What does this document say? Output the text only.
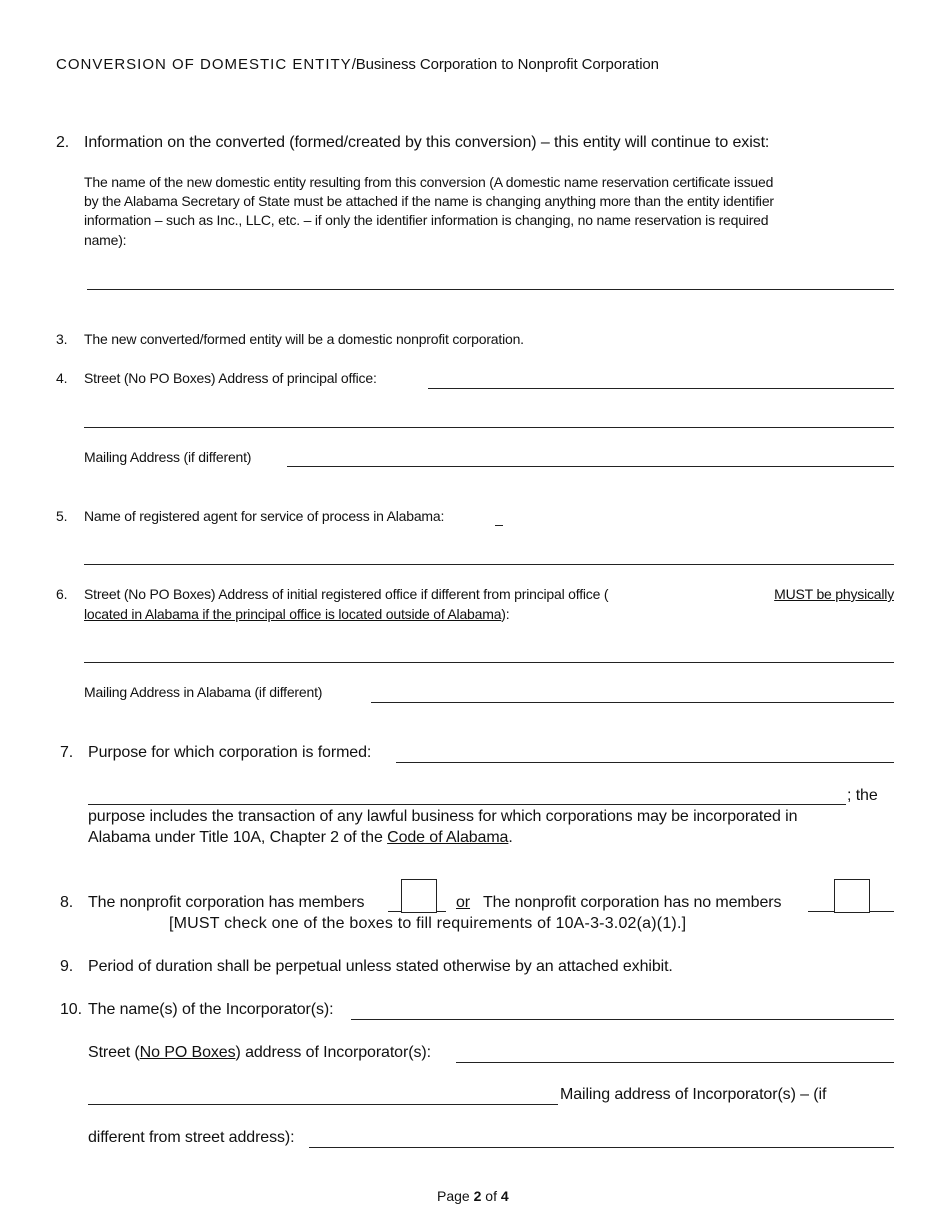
CONVERSION OF DOMESTIC ENTITY/Business Corporation to Nonprofit Corporation
2. Information on the converted (formed/created by this conversion) – this entity will continue to exist:
The name of the new domestic entity resulting from this conversion (A domestic name reservation certificate issued
by the Alabama Secretary of State must be attached if the name is changing anything more than the entity identifier
information – such as Inc., LLC, etc. – if only the identifier information is changing, no name reservation is required
name):
3. The new converted/formed entity will be a domestic nonprofit corporation.
4. Street (No PO Boxes) Address of principal office:
Mailing Address (if different)
5. Name of registered agent for service of process in Alabama:
6. Street (No PO Boxes) Address of initial registered office if different from principal office (	MUST be physically
located in Alabama if the principal office is located outside of Alabama):
Mailing Address in Alabama (if different)
7. Purpose for which corporation is formed:
; the
purpose includes the transaction of any lawful business for which corporations may be incorporated in
Alabama under Title 10A, Chapter 2 of the Code of Alabama.
8. The nonprofit corporation has members	or The nonprofit corporation has no members
[MUST check one of the boxes to fill requirements of 10A-3-3.02(a)(1).]
9. Period of duration shall be perpetual unless stated otherwise by an attached exhibit.
10. The name(s) of the Incorporator(s):
Street (No PO Boxes) address of Incorporator(s):
Mailing address of Incorporator(s) – (if
different from street address):
Page 2 of 4
